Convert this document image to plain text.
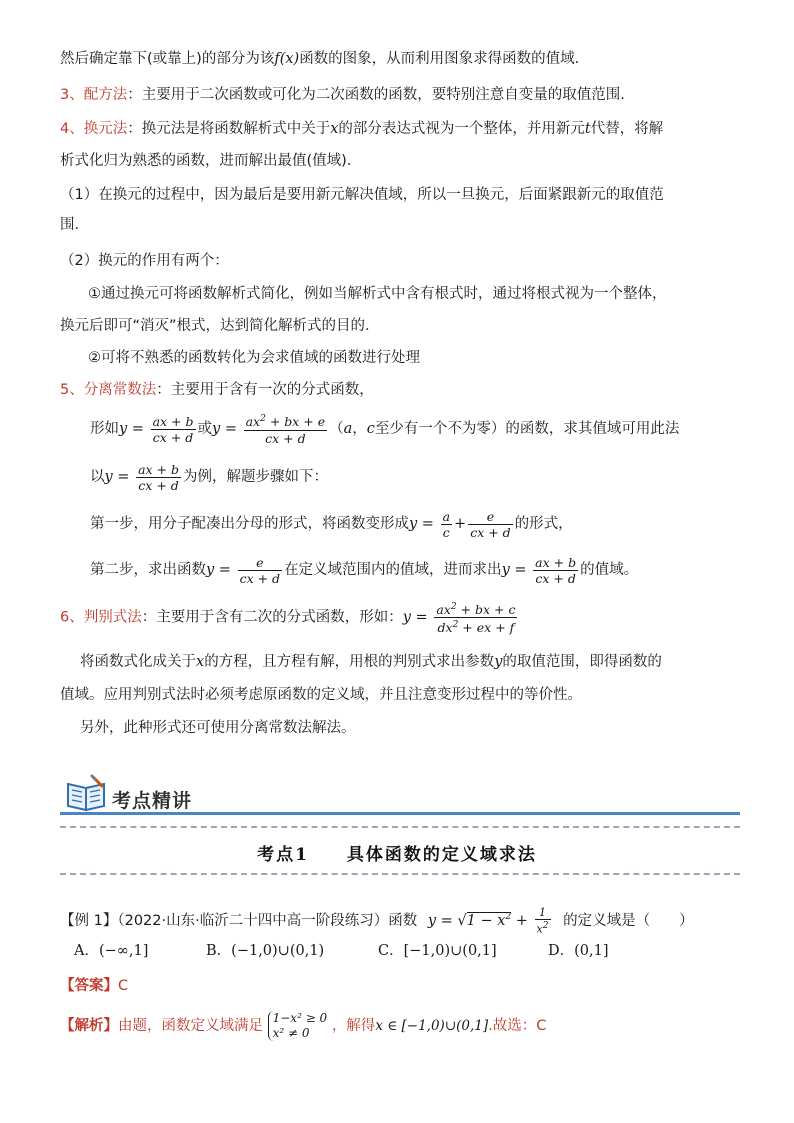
然后确定靠下(或靠上)的部分为该f(x)函数的图象，从而利用图象求得函数的值域．
3、配方法：主要用于二次函数或可化为二次函数的函数，要特别注意自变量的取值范围.
4、换元法：换元法是将函数解析式中关于x的部分表达式视为一个整体，并用新元t代替，将解
析式化归为熟悉的函数，进而解出最值(值域)．
（1）在换元的过程中，因为最后是要用新元解决值域，所以一旦换元，后面紧跟新元的取值范
围．
（2）换元的作用有两个：
①通过换元可将函数解析式简化，例如当解析式中含有根式时，通过将根式视为一个整体，
换元后即可“消灭”根式，达到简化解析式的目的．
②可将不熟悉的函数转化为会求值域的函数进行处理
5、分离常数法：主要用于含有一次的分式函数，
形如$y = \frac{ax + b}{cx + d}$ 或$y = \frac{ax^2 + bx + e}{cx + d} (a$，c至少有一个不为零）的函数，求其值域可用此法
以$y = \frac{ax + b}{cx + d}$ 为例，解题步骤如下：
第一步，用分子配凑出分母的形式，将函数变形成$y = \frac{a}{c} + \frac{e}{cx + d}$ 的形式，
第二步，求出函数$y = \frac{e}{cx + d}$ 在定义域范围内的值域，进而求出$y = \frac{ax + b}{cx + d}$ 的值域。
6、判别式法：主要用于含有二次的分式函数，形如：$y = \frac{ax^2 + bx + c}{dx^2 + ex + f}$
将函数式化成关于x的方程，且方程有解，用根的判别式求出参数y的取值范围，即得函数的
值域。应用判别式法时必须考虑原函数的定义域，并且注意变形过程中的等价性。
另外，此种形式还可使用分离常数法解法。
考点精讲
考点1　　具体函数的定义域求法
【例 1】（2022·山东·临沂二十四中高一阶段练习）函数 $y = √1 - x^2 + \frac{1}{x^2}$ 的定义域是（　　）
A．(−∞,1]	B．(−1,0)∪(0,1)	C．[−1,0)∪(0,1]	D．(0,1]
【答案】C
【解析】由题，函数定义域满足 1−x² ≥ 0
x² ≠ 0	，解得x ∈ [−1,0)∪(0,1].故选：C
